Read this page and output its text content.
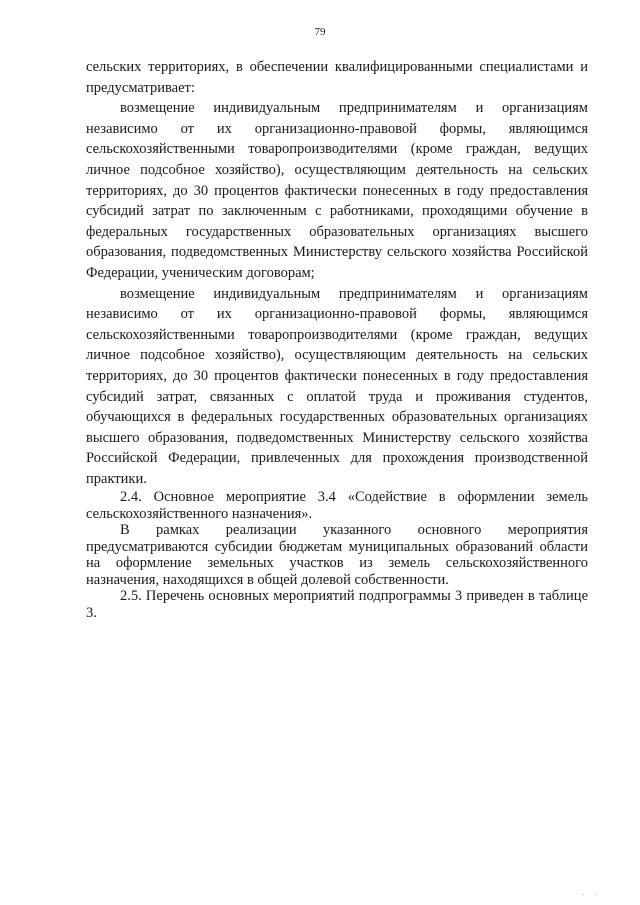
79

сельских территориях, в обеспечении квалифицированными специалистами и предусматривает:

возмещение индивидуальным предпринимателям и организациям независимо от их организационно-правовой формы, являющимся сельскохозяйственными товаропроизводителями (кроме граждан, ведущих личное подсобное хозяйство), осуществляющим деятельность на сельских территориях, до 30 процентов фактически понесенных в году предоставления субсидий затрат по заключенным с работниками, проходящими обучение в федеральных государственных образовательных организациях высшего образования, подведомственных Министерству сельского хозяйства Российской Федерации, ученическим договорам;

возмещение индивидуальным предпринимателям и организациям независимо от их организационно-правовой формы, являющимся сельскохозяйственными товаропроизводителями (кроме граждан, ведущих личное подсобное хозяйство), осуществляющим деятельность на сельских территориях, до 30 процентов фактически понесенных в году предоставления субсидий затрат, связанных с оплатой труда и проживания студентов, обучающихся в федеральных государственных образовательных организациях высшего образования, подведомственных Министерству сельского хозяйства Российской Федерации, привлеченных для прохождения производственной практики.

2.4. Основное мероприятие 3.4 «Содействие в оформлении земель сельскохозяйственного назначения».

В рамках реализации указанного основного мероприятия предусматриваются субсидии бюджетам муниципальных образований области на оформление земельных участков из земель сельскохозяйственного назначения, находящихся в общей долевой собственности.

2.5. Перечень основных мероприятий подпрограммы 3 приведен в таблице 3.

. .
